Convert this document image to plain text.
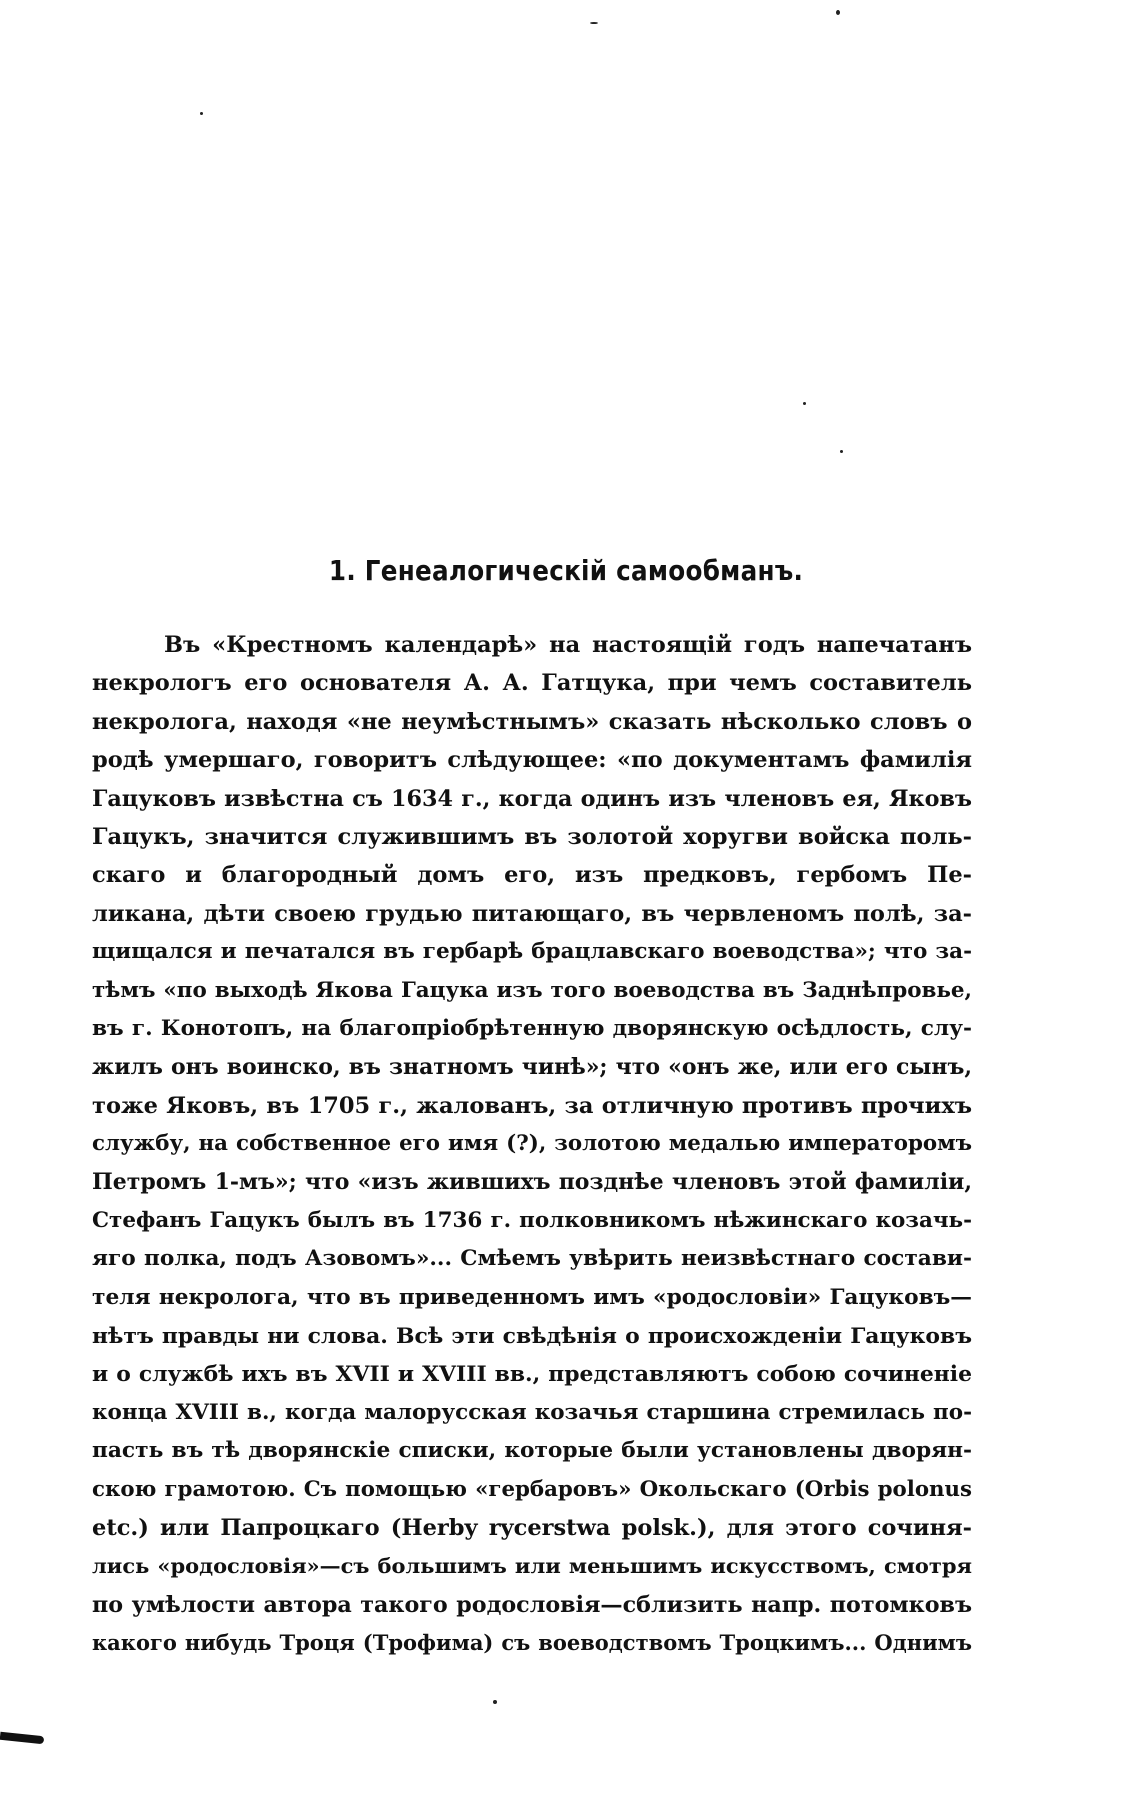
1. Генеалогическій самообманъ.
Въ «Крестномъ календарѣ» на настоящій годъ напечатанъ
некрологъ его основателя А. А. Гатцука, при чемъ составитель
некролога, находя «не неумѣстнымъ» сказать нѣсколько словъ о
родѣ умершаго, говоритъ слѣдующее: «по документамъ фамилія
Гацуковъ извѣстна съ 1634 г., когда одинъ изъ членовъ ея, Яковъ
Гацукъ, значится служившимъ въ золотой хоругви войска поль-
скаго и благородный домъ его, изъ предковъ, гербомъ Пе-
ликана, дѣти своею грудью питающаго, въ червленомъ полѣ, за-
щищался и печатался въ гербарѣ брацлавскаго воеводства»; что за-
тѣмъ «по выходѣ Якова Гацука изъ того воеводства въ Заднѣпровье,
въ г. Конотопъ, на благопріобрѣтенную дворянскую осѣдлость, слу-
жилъ онъ воинско, въ знатномъ чинѣ»; что «онъ же, или его сынъ,
тоже Яковъ, въ 1705 г., жалованъ, за отличную противъ прочихъ
службу, на собственное его имя (?), золотою медалью императоромъ
Петромъ 1-мъ»; что «изъ жившихъ позднѣе членовъ этой фамиліи,
Стефанъ Гацукъ былъ въ 1736 г. полковникомъ нѣжинскаго козачь-
яго полка, подъ Азовомъ»... Смѣемъ увѣрить неизвѣстнаго состави-
теля некролога, что въ приведенномъ имъ «родословіи» Гацуковъ—
нѣтъ правды ни слова. Всѣ эти свѣдѣнія о происхожденіи Гацуковъ
и о службѣ ихъ въ XVII и XVIII вв., представляютъ собою сочиненіе
конца XVIII в., когда малорусская козачья старшина стремилась по-
пасть въ тѣ дворянскіе списки, которые были установлены дворян-
скою грамотою. Съ помощью «гербаровъ» Окольскаго (Orbis polonus
etc.) или Папроцкаго (Herby rycerstwa polsk.), для этого сочиня-
лись «родословія»—съ большимъ или меньшимъ искусствомъ, смотря
по умѣлости автора такого родословія—сблизить напр. потомковъ
какого нибудь Троця (Трофима) съ воеводствомъ Троцкимъ... Однимъ
